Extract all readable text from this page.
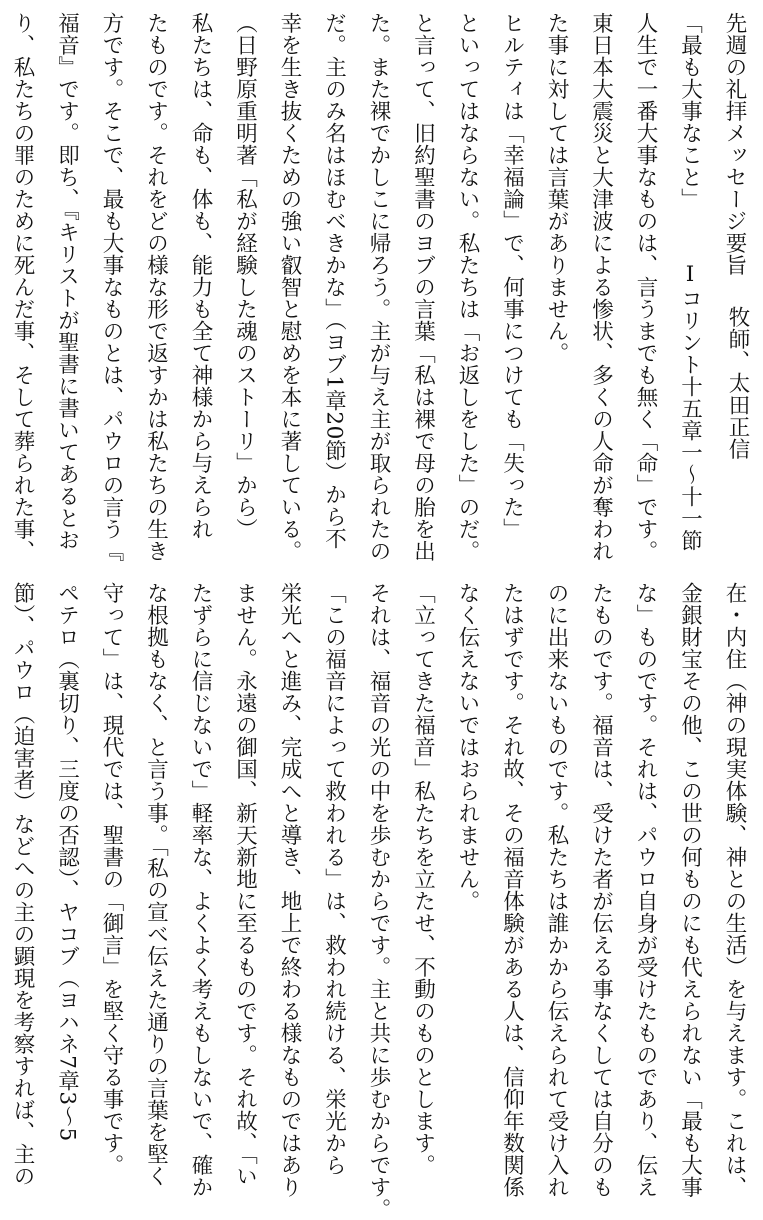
先週の礼拝メッセージ要旨
「最も大事なこと」Ⅰコリント十五章一～十一節
人生で一番大事なものは、言うまでも無く「命」です。
東日本大震災と大津波による惨状、多くの人命が奪われ
た事に対しては言葉がありません。
ヒルティは「幸福論」で、何事につけても「失った」
といってはならない。私たちは「お返しをした」のだ。
と言って、旧約聖書のヨブの言葉「私は裸で母の胎を出
た。また裸でかしこに帰ろう。主が与え主が取られたの
だ。主のみ名はほむべきかな」（ヨブ1章20節）から不
幸を生き抜くための強い叡智と慰めを本に著している。
（日野原重明著「私が経験した魂のストーリ」から）
私たちは、命も、体も、能力も全て神様から与えられ
たものです。それをどの様な形で返すかは私たちの生き
方です。そこで、最も大事なものとは、パウロの言う『
福音』です。即ち、『キリストが聖書に書いてあるとお
り、私たちの罪のために死んだ事、そして葬られた事、	牧師、太田正信
在・内住（神の現実体験、神との生活）を与えます。これは、
金銀財宝その他、この世の何ものにも代えられない「最も大事
な」ものです。それは、パウロ自身が受けたものであり、伝え
たものです。福音は、受けた者が伝える事なくしては自分のも
のに出来ないものです。私たちは誰かから伝えられて受け入れ
たはずです。それ故、その福音体験がある人は、信仰年数関係
なく伝えないではおられません。
「立ってきた福音」私たちを立たせ、不動のものとします。
それは、福音の光の中を歩むからです。主と共に歩むからです。
「この福音によって救われる」は、救われ続ける、栄光から
栄光へと進み、完成へと導き、地上で終わる様なものではあり
ません。永遠の御国、新天新地に至るものです。それ故、「い
たずらに信じないで」軽率な、よくよく考えもしないで、確か
な根拠もなく、と言う事。「私の宣べ伝えた通りの言葉を堅く
守って」は、現代では、聖書の「御言」を堅く守る事です。
ペテロ（裏切り、三度の否認）、ヤコブ（ヨハネ7章3～5
節）、パウロ（迫害者）などへの主の顕現を考察すれば、主の
